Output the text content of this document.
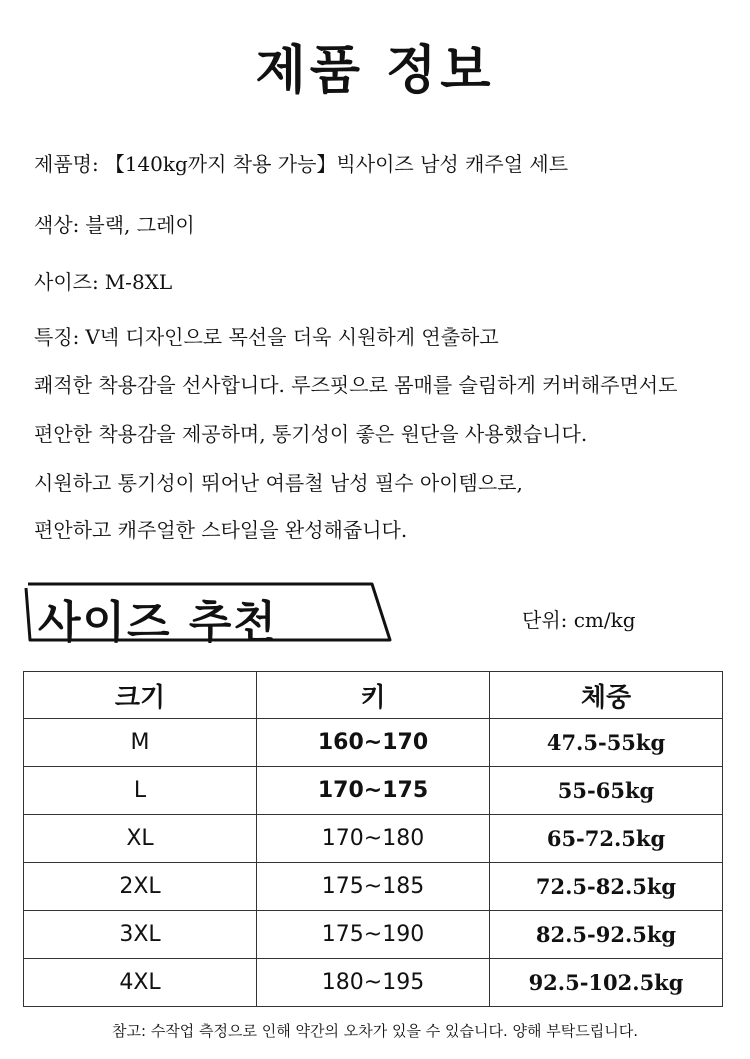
제품 정보
제품명: 【140kg까지 착용 가능】빅사이즈 남성 캐주얼 세트
색상: 블랙, 그레이
사이즈: M-8XL
특징: V넥 디자인으로 목선을 더욱 시원하게 연출하고
쾌적한 착용감을 선사합니다. 루즈핏으로 몸매를 슬림하게 커버해주면서도
편안한 착용감을 제공하며, 통기성이 좋은 원단을 사용했습니다.
시원하고 통기성이 뛰어난 여름철 남성 필수 아이템으로,
편안하고 캐주얼한 스타일을 완성해줍니다.
사이즈 추천	단위: cm/kg
크기	키	체중
M	160~170	47.5-55kg
L	170~175	55-65kg
XL	170~180	65-72.5kg
2XL	175~185	72.5-82.5kg
3XL	175~190	82.5-92.5kg
4XL	180~195	92.5-102.5kg
참고: 수작업 측정으로 인해 약간의 오차가 있을 수 있습니다. 양해 부탁드립니다.
